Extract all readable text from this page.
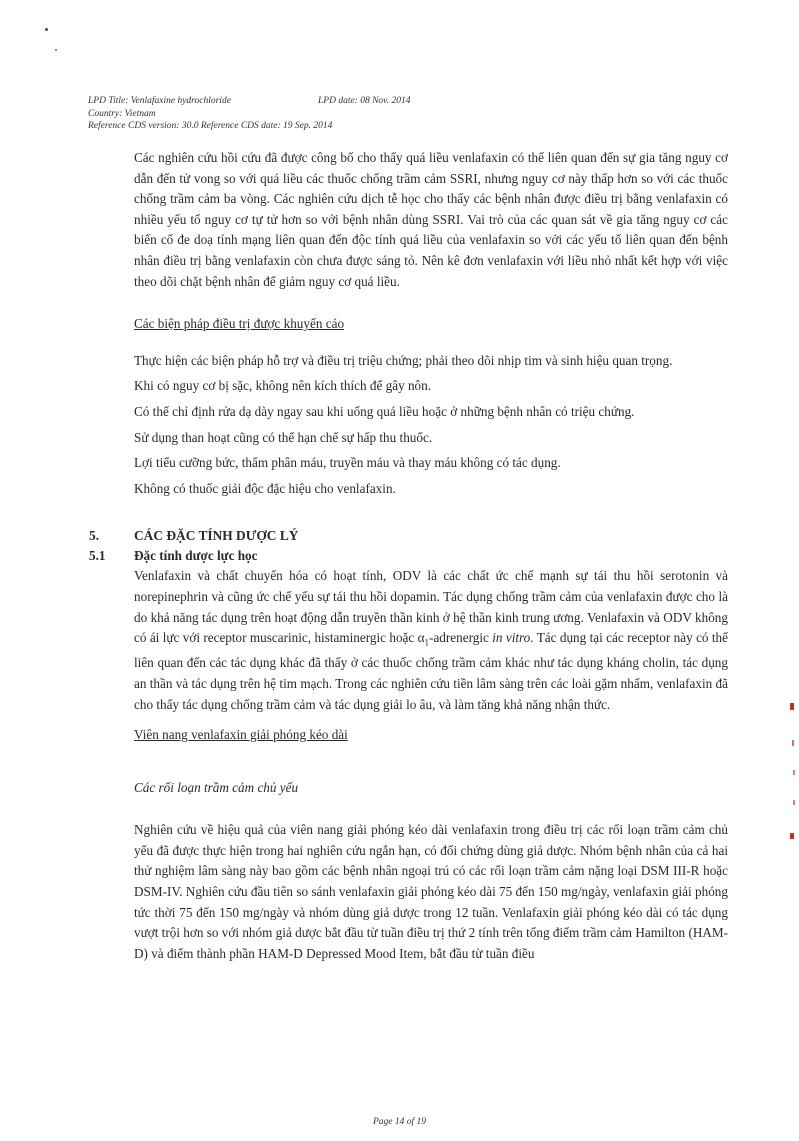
LPD Title: Venlafaxine hydrochloride	LPD date: 08 Nov. 2014
Country: Vietnam
Reference CDS version: 30.0 Reference CDS date: 19 Sep. 2014

Các nghiên cứu hồi cứu đã được công bố cho thấy quá liều venlafaxin có thể liên quan đến sự gia tăng nguy cơ dẫn đến tử vong so với quá liều các thuốc chống trầm cảm SSRI, nhưng nguy cơ này thấp hơn so với các thuốc chống trầm cảm ba vòng. Các nghiên cứu dịch tễ học cho thấy các bệnh nhân được điều trị bằng venlafaxin có nhiều yếu tố nguy cơ tự tử hơn so với bệnh nhân dùng SSRI. Vai trò của các quan sát về gia tăng nguy cơ các biến cố đe doạ tính mạng liên quan đến độc tính quá liều của venlafaxin so với các yếu tố liên quan đến bệnh nhân điều trị bằng venlafaxin còn chưa được sáng tỏ. Nên kê đơn venlafaxin với liều nhỏ nhất kết hợp với việc theo dõi chặt bệnh nhân để giảm nguy cơ quá liều.

Các biện pháp điều trị được khuyến cáo

Thực hiện các biện pháp hỗ trợ và điều trị triệu chứng; phải theo dõi nhịp tim và sinh hiệu quan trọng.

Khi có nguy cơ bị sặc, không nên kích thích để gây nôn.

Có thể chỉ định rửa dạ dày ngay sau khi uống quá liều hoặc ở những bệnh nhân có triệu chứng.

Sử dụng than hoạt cũng có thể hạn chế sự hấp thu thuốc.

Lợi tiểu cưỡng bức, thẩm phân máu, truyền máu và thay máu không có tác dụng.

Không có thuốc giải độc đặc hiệu cho venlafaxin.

5.	CÁC ĐẶC TÍNH DƯỢC LÝ
5.1 Đặc tính dược lực học

Venlafaxin và chất chuyển hóa có hoạt tính, ODV là các chất ức chế mạnh sự tái thu hồi serotonin và norepinephrin và cũng ức chế yếu sự tái thu hồi dopamin. Tác dụng chống trầm cảm của venlafaxin được cho là do khả năng tác dụng trên hoạt động dẫn truyền thần kinh ở hệ thần kinh trung ương. Venlafaxin và ODV không có ái lực với receptor muscarinic, histaminergic hoặc $\alpha_1$-adrenergic in vitro. Tác dụng tại các receptor này có thể liên quan đến các tác dụng khác đã thấy ở các thuốc chống trầm cảm khác như tác dụng kháng cholin, tác dụng an thần và tác dụng trên hệ tim mạch. Trong các nghiên cứu tiền lâm sàng trên các loài gặm nhấm, venlafaxin đã cho thấy tác dụng chống trầm cảm và tác dụng giải lo âu, và làm tăng khả năng nhận thức.

Viên nang venlafaxin giải phóng kéo dài

Các rối loạn trầm cảm chủ yếu

Nghiên cứu về hiệu quả của viên nang giải phóng kéo dài venlafaxin trong điều trị các rối loạn trầm cảm chủ yếu đã được thực hiện trong hai nghiên cứu ngắn hạn, có đối chứng dùng giả dược. Nhóm bệnh nhân của cả hai thử nghiệm lâm sàng này bao gồm các bệnh nhân ngoại trú có các rối loạn trầm cảm nặng loại DSM III-R hoặc DSM-IV. Nghiên cứu đầu tiên so sánh venlafaxin giải phóng kéo dài 75 đến 150 mg/ngày, venlafaxin giải phóng tức thời 75 đến 150 mg/ngày và nhóm dùng giả dược trong 12 tuần. Venlafaxin giải phóng kéo dài có tác dụng vượt trội hơn so với nhóm giả dược bắt đầu từ tuần điều trị thứ 2 tính trên tổng điểm trầm cảm Hamilton (HAM-D) và điểm thành phần HAM-D Depressed Mood Item, bắt đầu từ tuần điều

Page 14 of 19
